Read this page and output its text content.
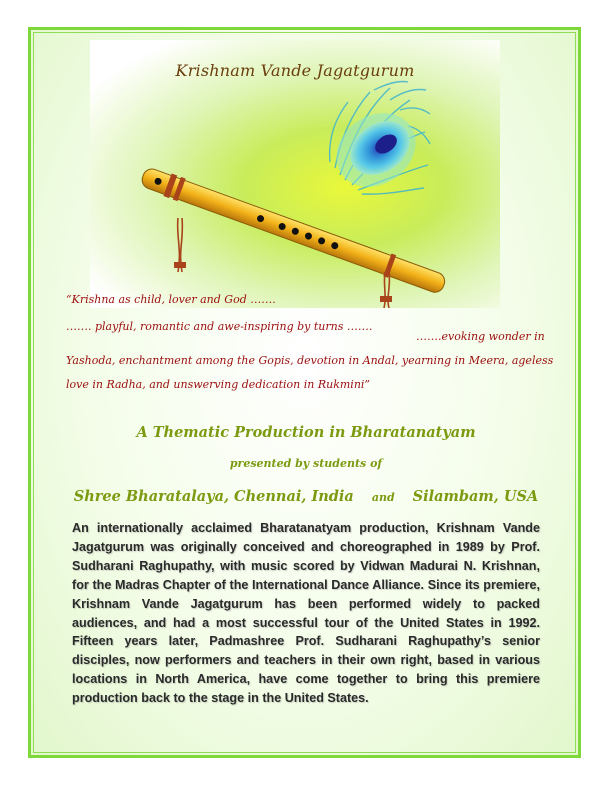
Krishnam Vande Jagatgurum
“Krishna as child, lover and God …….
……. playful, romantic and awe-inspiring by turns …….
…….evoking wonder in
Yashoda, enchantment among the Gopis, devotion in Andal, yearning in Meera, ageless
love in Radha, and unswerving dedication in Rukmini”
A Thematic Production in Bharatanatyam
presented by students of
Shree Bharatalaya, Chennai, India and Silambam, USA
An internationally acclaimed Bharatanatyam production, Krishnam Vande Jagatgurum was originally conceived and choreographed in 1989 by Prof. Sudharani Raghupathy, with music scored by Vidwan Madurai N. Krishnan, for the Madras Chapter of the International Dance Alliance. Since its premiere, Krishnam Vande Jagatgurum has been performed widely to packed audiences, and had a most successful tour of the United States in 1992. Fifteen years later, Padmashree Prof. Sudharani Raghupathy’s senior disciples, now performers and teachers in their own right, based in various locations in North America, have come together to bring this premiere production back to the stage in the United States.
